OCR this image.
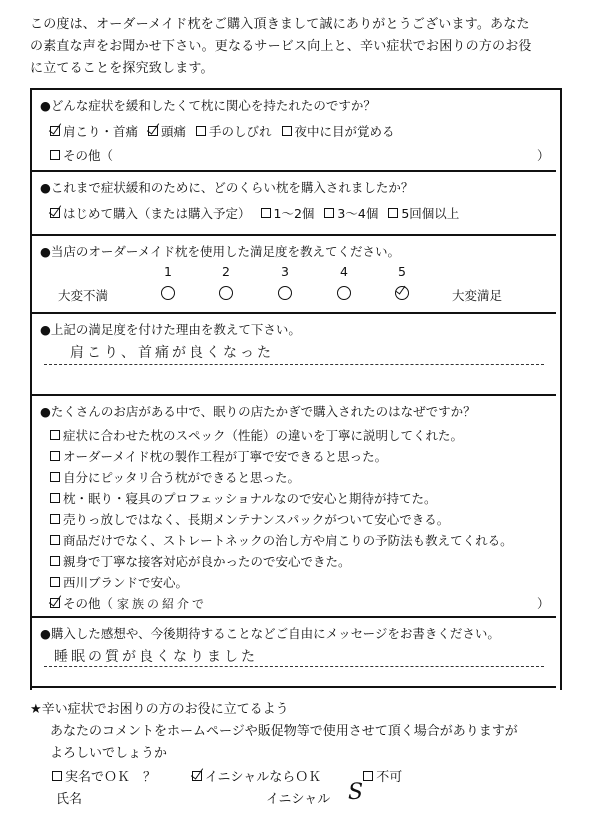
この度は、オーダーメイド枕をご購入頂きまして誠にありがとうございます。あなた
の素直な声をお聞かせ下さい。更なるサービス向上と、辛い症状でお困りの方のお役
に立てることを探究致します。
●どんな症状を緩和したくて枕に関心を持たれたのですか？
肩こり・首痛 頭痛 手のしびれ 夜中に目が覚める
その他（	）
●これまで症状緩和のために、どのくらい枕を購入されましたか？
はじめて購入（または購入予定） 1～2個 3～4個 5回個以上
●当店のオーダーメイド枕を使用した満足度を教えてください。
1	2	3	4	5
大変不満	大変満足
●上記の満足度を付けた理由を教えて下さい。
肩こり、首痛が良くなった
●たくさんのお店がある中で、眠りの店たかぎで購入されたのはなぜですか？
症状に合わせた枕のスペック（性能）の違いを丁寧に説明してくれた。
オーダーメイド枕の製作工程が丁寧で安できると思った。
自分にピッタリ合う枕ができると思った。
枕・眠り・寝具のプロフェッショナルなので安心と期待が持てた。
売りっ放しではなく、長期メンテナンスパックがついて安心できる。
商品だけでなく、ストレートネックの治し方や肩こりの予防法も教えてくれる。
親身で丁寧な接客対応が良かったので安心できた。
西川ブランドで安心。
その他（ 家族の紹介で	）
●購入した感想や、今後期待することなどご自由にメッセージをお書きください。
睡眠の質が良くなりました
★辛い症状でお困りの方のお役に立てるよう
あなたのコメントをホームページや販促物等で使用させて頂く場合がありますが
よろしいでしょうか
実名でＯＫ　？	イニシャルならＯＫ	不可
氏名	イニシャル S
